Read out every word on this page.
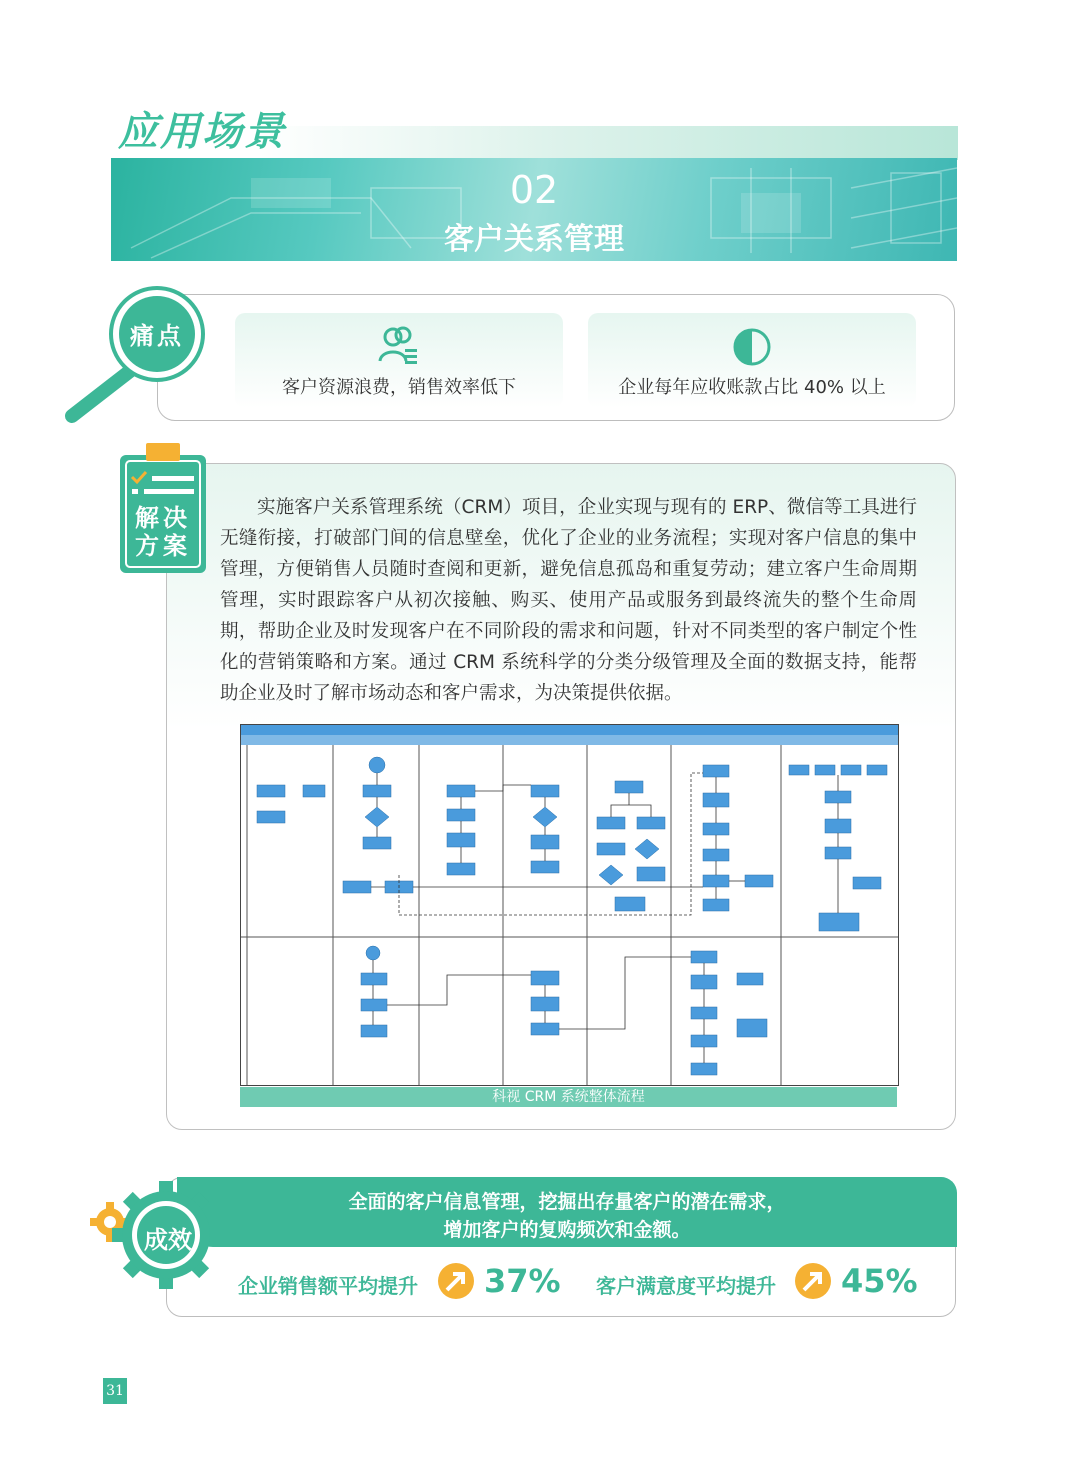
应用场景
02
客户关系管理
客户资源浪费，销售效率低下	企业每年应收账款占比 40% 以上
痛点
解决
方案
实施客户关系管理系统（CRM）项目，企业实现与现有的 ERP、微信等工具进行无缝衔接，打破部门间的信息壁垒，优化了企业的业务流程；实现对客户信息的集中管理，方便销售人员随时查阅和更新，避免信息孤岛和重复劳动；建立客户生命周期管理，实时跟踪客户从初次接触、购买、使用产品或服务到最终流失的整个生命周期，帮助企业及时发现客户在不同阶段的需求和问题，针对不同类型的客户制定个性化的营销策略和方案。通过 CRM 系统科学的分类分级管理及全面的数据支持，能帮助企业及时了解市场动态和客户需求，为决策提供依据。
科视 CRM 系统整体流程
全面的客户信息管理，挖掘出存量客户的潜在需求，
增加客户的复购频次和金额。
成效
企业销售额平均提升 37% 客户满意度平均提升 45%
31
